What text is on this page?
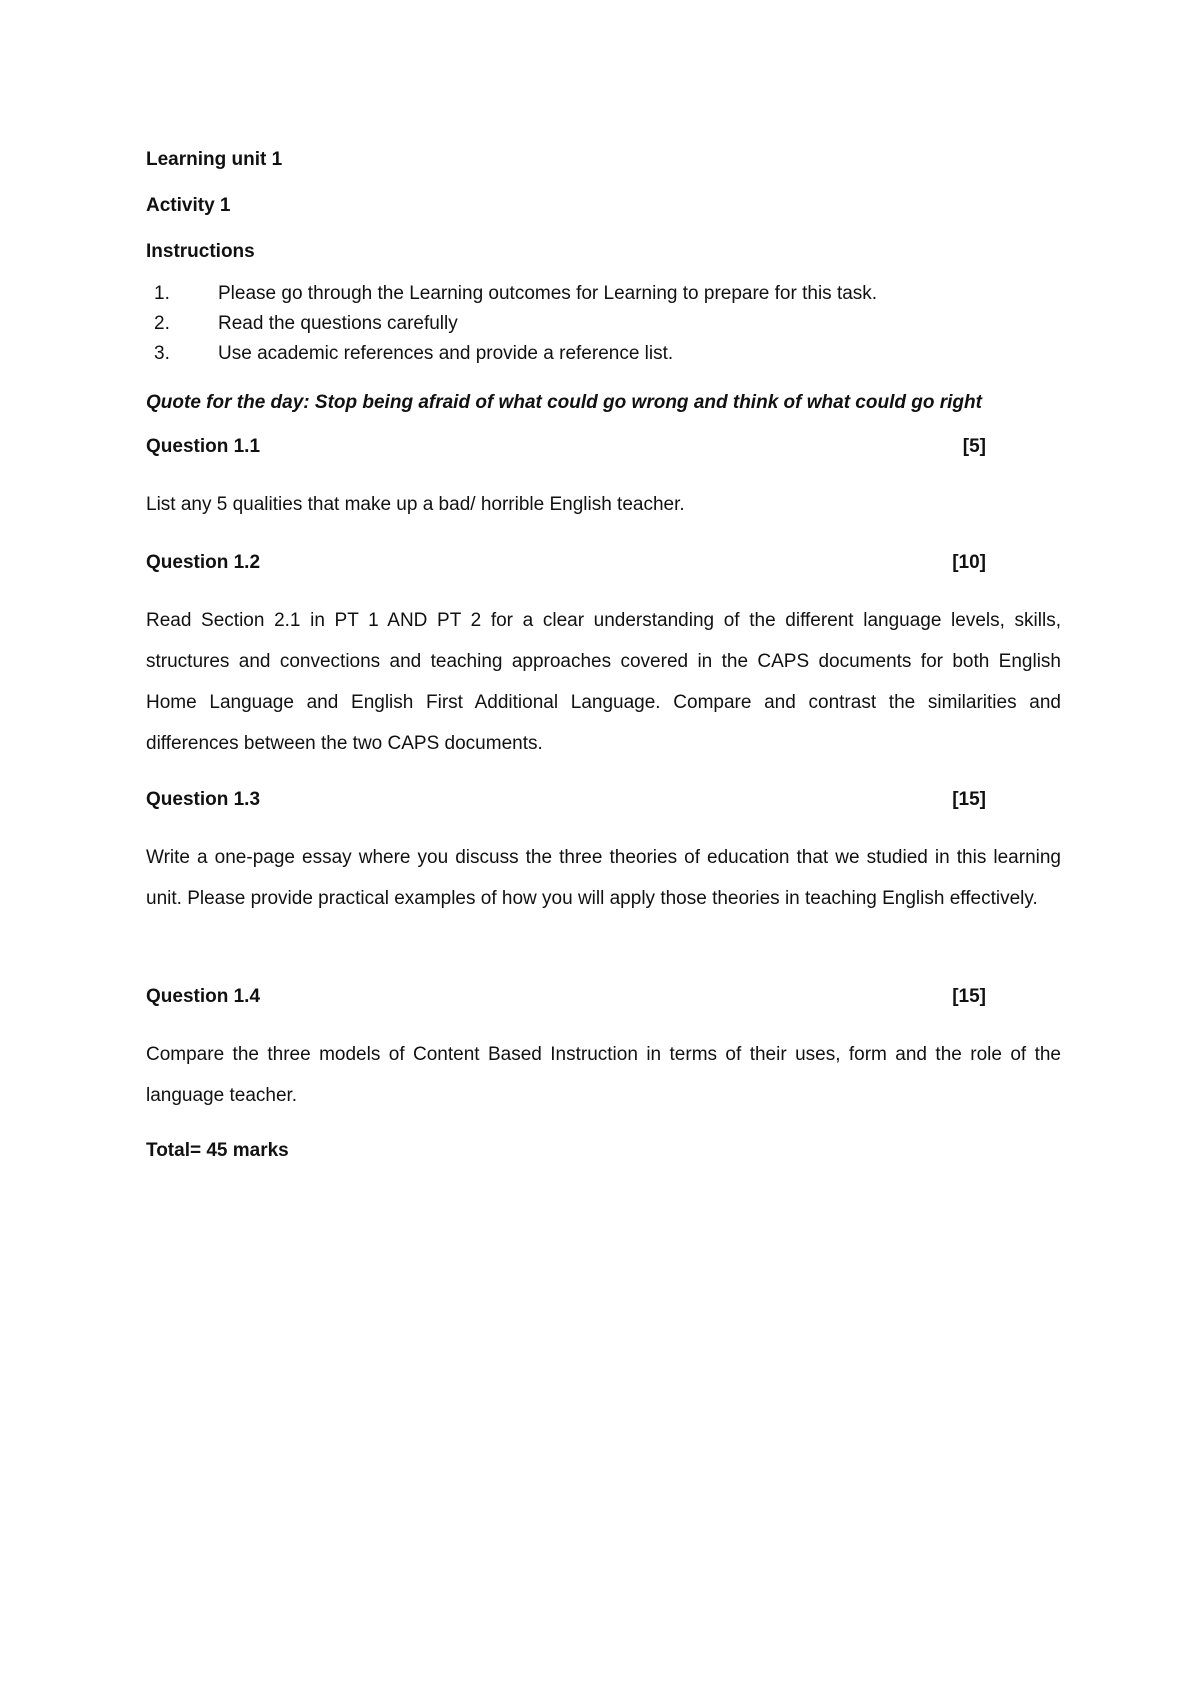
Learning unit 1

Activity 1

Instructions

1.	Please go through the Learning outcomes for Learning to prepare for this task.
2.	Read the questions carefully
3.	Use academic references and provide a reference list.

Quote for the day: Stop being afraid of what could go wrong and think of what could go right

Question 1.1	[5]

List any 5 qualities that make up a bad/ horrible English teacher.

Question 1.2	[10]

Read Section 2.1 in PT 1 AND PT 2 for a clear understanding of the different language levels, skills, structures and convections and teaching approaches covered in the CAPS documents for both English Home Language and English First Additional Language. Compare and contrast the similarities and differences between the two CAPS documents.

Question 1.3	[15]

Write a one-page essay where you discuss the three theories of education that we studied in this learning unit. Please provide practical examples of how you will apply those theories in teaching English effectively.

Question 1.4	[15]

Compare the three models of Content Based Instruction in terms of their uses, form and the role of the language teacher.

Total= 45 marks
